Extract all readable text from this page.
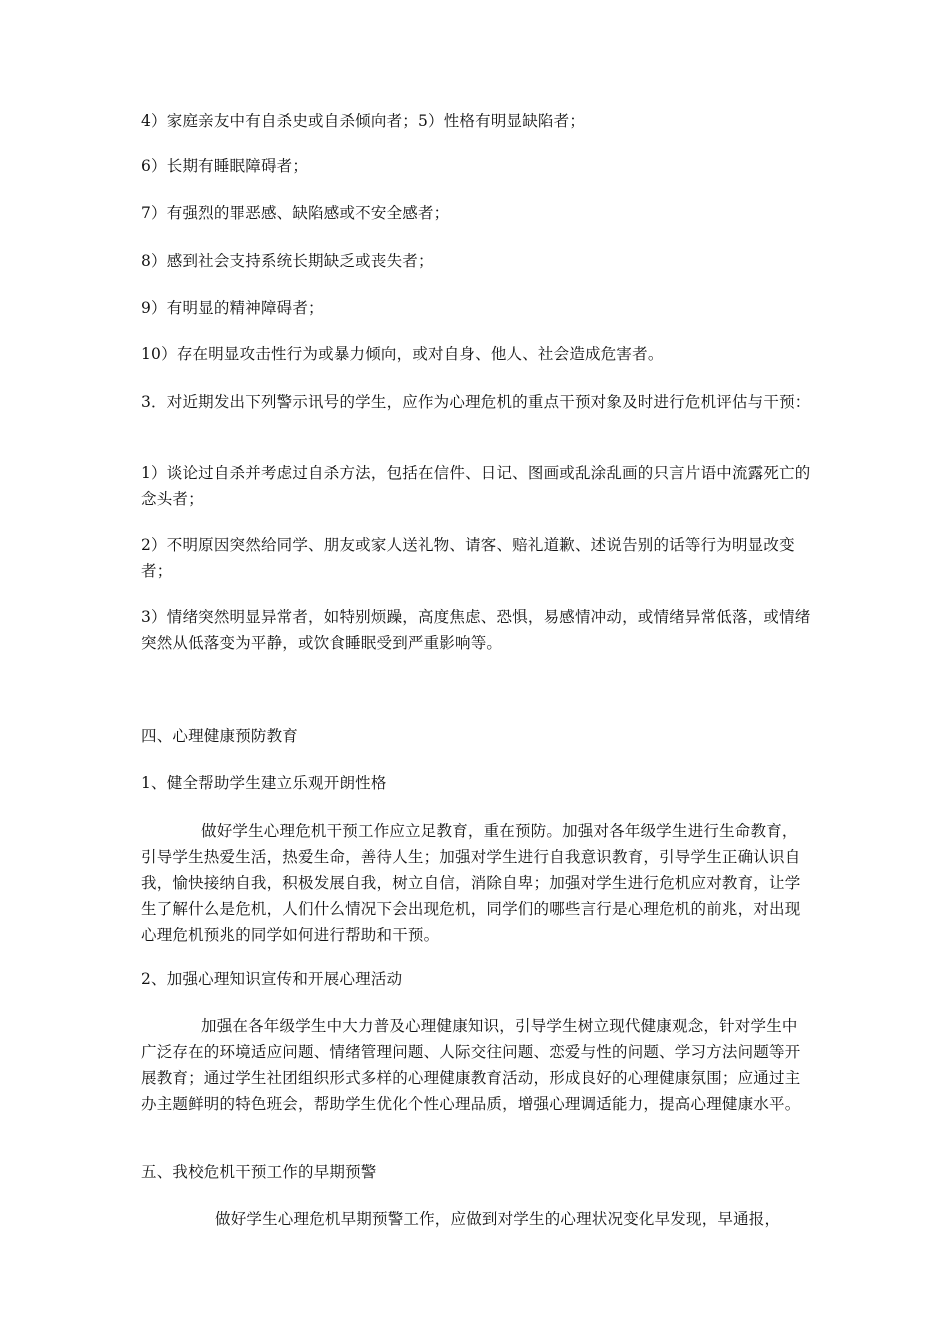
4）家庭亲友中有自杀史或自杀倾向者；5）性格有明显缺陷者；

6）长期有睡眠障碍者；

7）有强烈的罪恶感、缺陷感或不安全感者；

8）感到社会支持系统长期缺乏或丧失者；

9）有明显的精神障碍者；

10）存在明显攻击性行为或暴力倾向，或对自身、他人、社会造成危害者。

3．对近期发出下列警示讯号的学生，应作为心理危机的重点干预对象及时进行危机评估与干预：

1）谈论过自杀并考虑过自杀方法，包括在信件、日记、图画或乱涂乱画的只言片语中流露死亡的念头者；

2）不明原因突然给同学、朋友或家人送礼物、请客、赔礼道歉、述说告别的话等行为明显改变者；

3）情绪突然明显异常者，如特别烦躁，高度焦虑、恐惧，易感情冲动，或情绪异常低落，或情绪突然从低落变为平静，或饮食睡眠受到严重影响等。

四、心理健康预防教育

1、健全帮助学生建立乐观开朗性格

做好学生心理危机干预工作应立足教育，重在预防。加强对各年级学生进行生命教育，引导学生热爱生活，热爱生命，善待人生；加强对学生进行自我意识教育，引导学生正确认识自我，愉快接纳自我，积极发展自我，树立自信，消除自卑；加强对学生进行危机应对教育，让学生了解什么是危机，人们什么情况下会出现危机，同学们的哪些言行是心理危机的前兆，对出现心理危机预兆的同学如何进行帮助和干预。

2、加强心理知识宣传和开展心理活动

加强在各年级学生中大力普及心理健康知识，引导学生树立现代健康观念，针对学生中广泛存在的环境适应问题、情绪管理问题、人际交往问题、恋爱与性的问题、学习方法问题等开展教育；通过学生社团组织形式多样的心理健康教育活动，形成良好的心理健康氛围；应通过主办主题鲜明的特色班会，帮助学生优化个性心理品质，增强心理调适能力，提高心理健康水平。

五、我校危机干预工作的早期预警

做好学生心理危机早期预警工作，应做到对学生的心理状况变化早发现，早通报，
